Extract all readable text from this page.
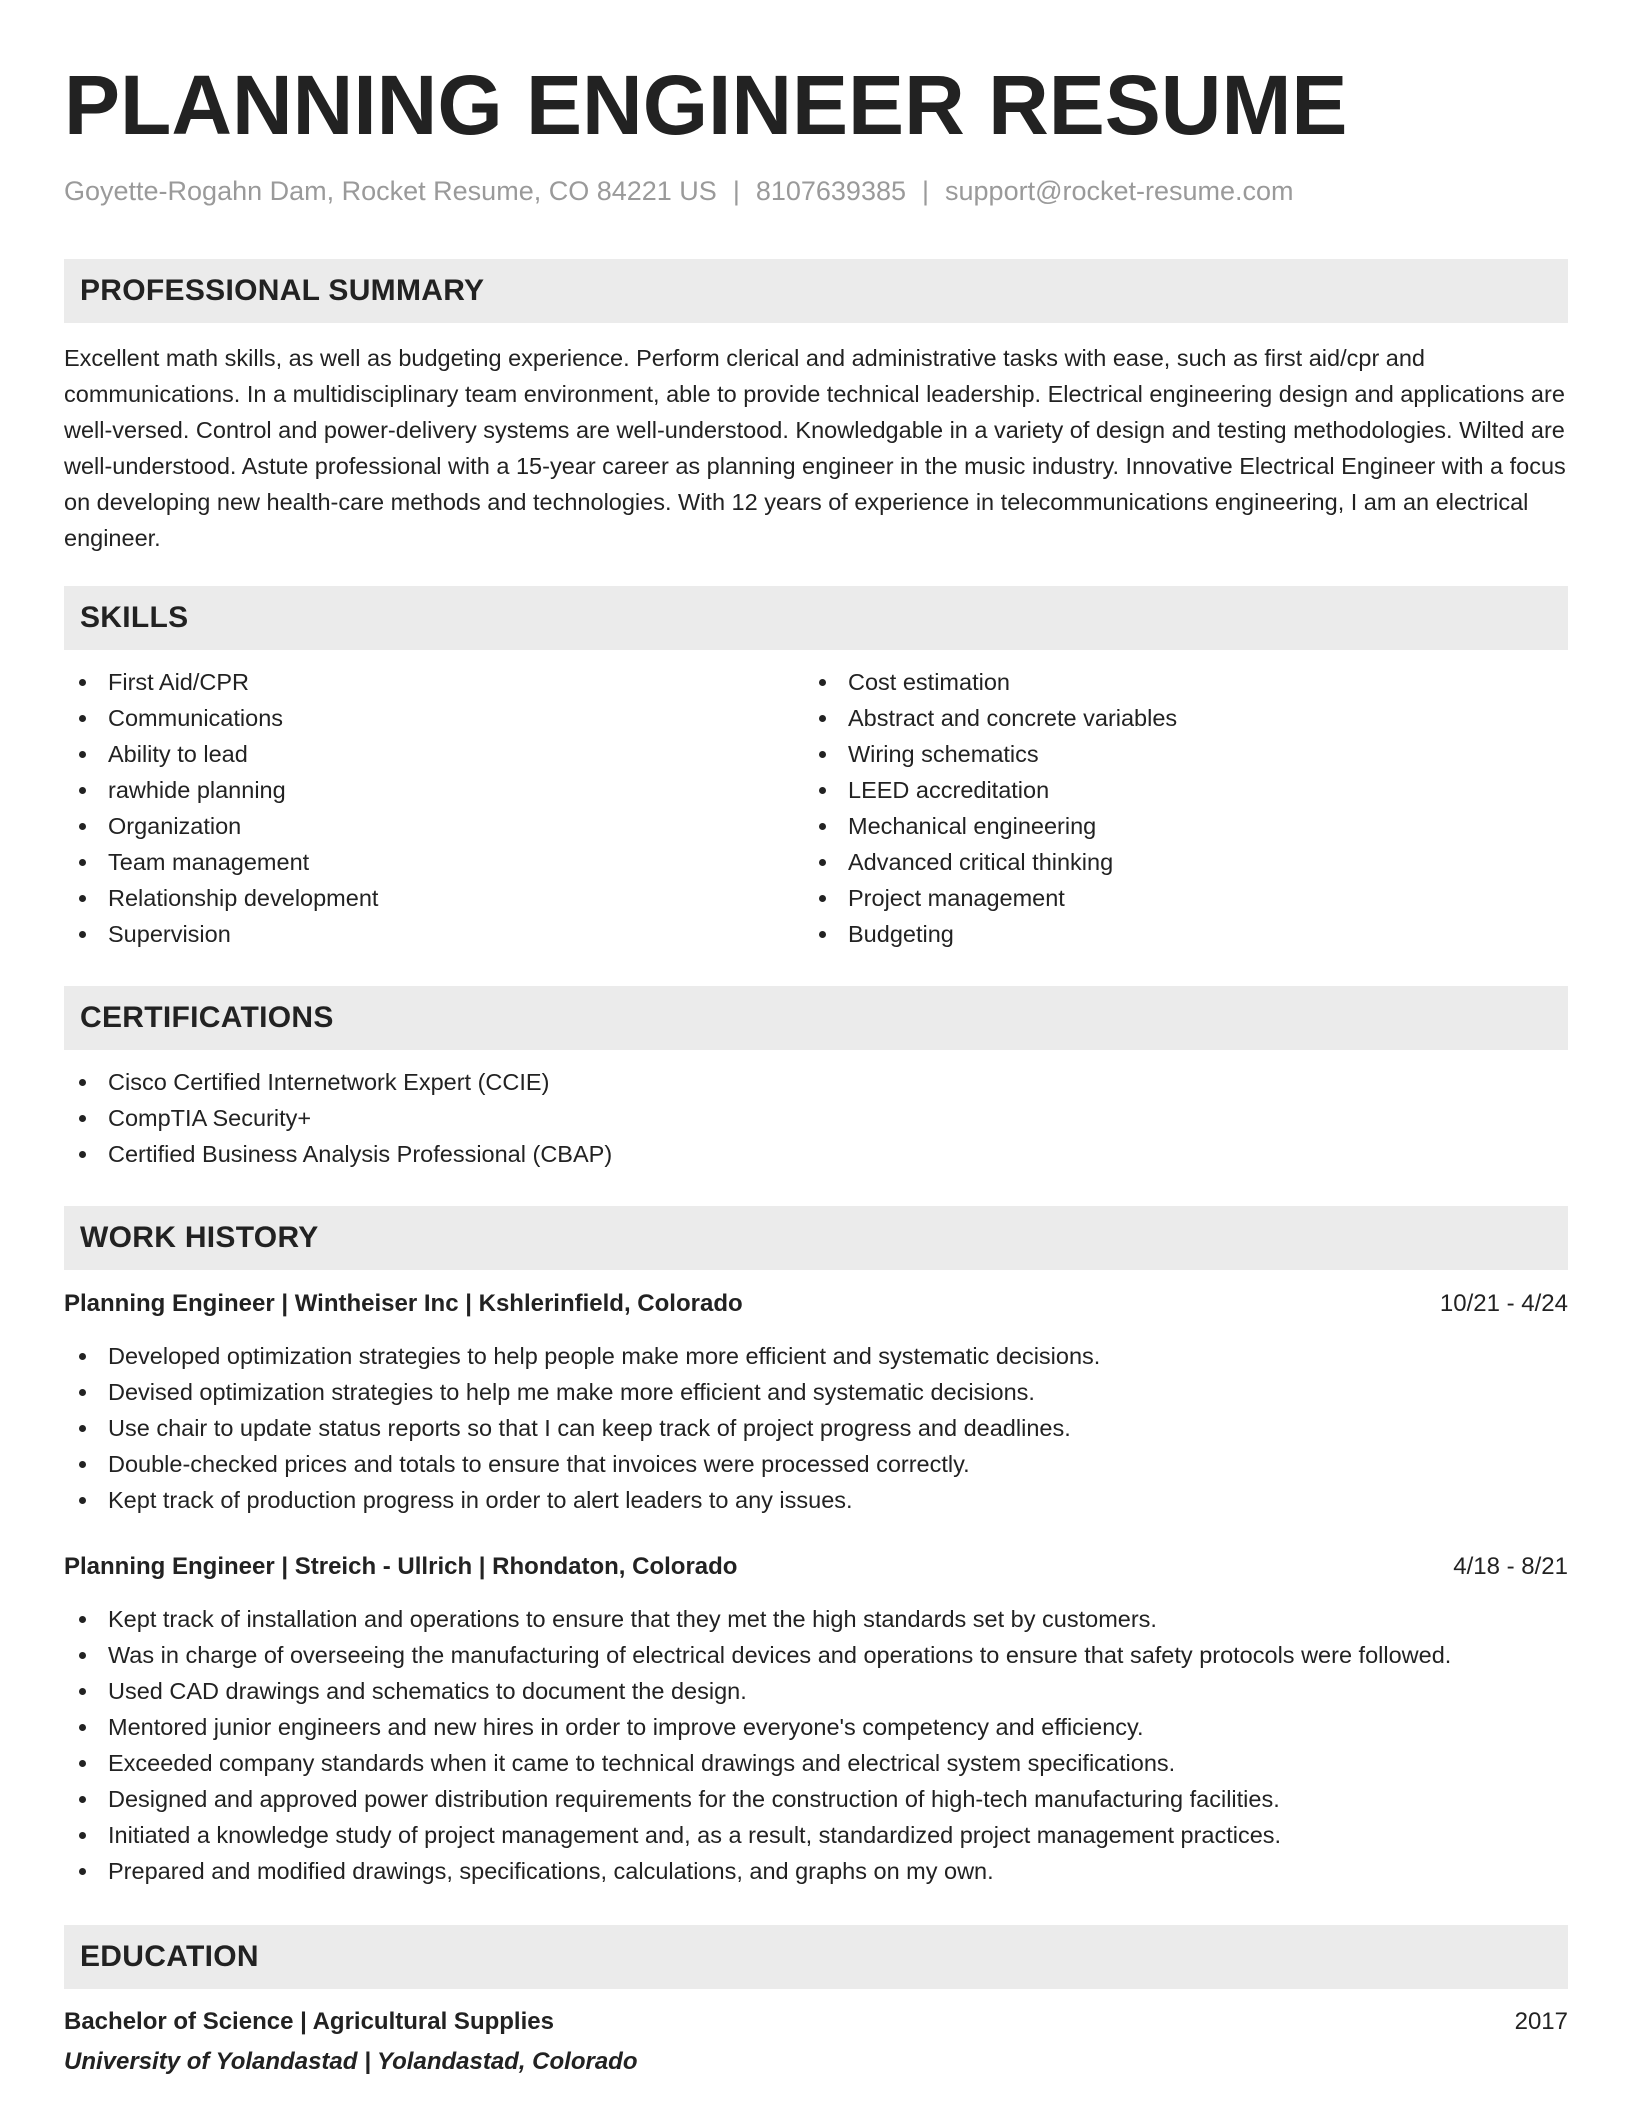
PLANNING ENGINEER RESUME
Goyette-Rogahn Dam, Rocket Resume, CO 84221 US | 8107639385 | support@rocket-resume.com
PROFESSIONAL SUMMARY
Excellent math skills, as well as budgeting experience. Perform clerical and administrative tasks with ease, such as first aid/cpr and communications. In a multidisciplinary team environment, able to provide technical leadership. Electrical engineering design and applications are well-versed. Control and power-delivery systems are well-understood. Knowledgable in a variety of design and testing methodologies. Wilted are well-understood. Astute professional with a 15-year career as planning engineer in the music industry. Innovative Electrical Engineer with a focus on developing new health-care methods and technologies. With 12 years of experience in telecommunications engineering, I am an electrical engineer.
SKILLS
First Aid/CPR
Communications
Ability to lead
rawhide planning
Organization
Team management
Relationship development
Supervision
Cost estimation
Abstract and concrete variables
Wiring schematics
LEED accreditation
Mechanical engineering
Advanced critical thinking
Project management
Budgeting
CERTIFICATIONS
Cisco Certified Internetwork Expert (CCIE)
CompTIA Security+
Certified Business Analysis Professional (CBAP)
WORK HISTORY
Planning Engineer | Wintheiser Inc | Kshlerinfield, Colorado	10/21 - 4/24
Developed optimization strategies to help people make more efficient and systematic decisions.
Devised optimization strategies to help me make more efficient and systematic decisions.
Use chair to update status reports so that I can keep track of project progress and deadlines.
Double-checked prices and totals to ensure that invoices were processed correctly.
Kept track of production progress in order to alert leaders to any issues.
Planning Engineer | Streich - Ullrich | Rhondaton, Colorado	4/18 - 8/21
Kept track of installation and operations to ensure that they met the high standards set by customers.
Was in charge of overseeing the manufacturing of electrical devices and operations to ensure that safety protocols were followed.
Used CAD drawings and schematics to document the design.
Mentored junior engineers and new hires in order to improve everyone's competency and efficiency.
Exceeded company standards when it came to technical drawings and electrical system specifications.
Designed and approved power distribution requirements for the construction of high-tech manufacturing facilities.
Initiated a knowledge study of project management and, as a result, standardized project management practices.
Prepared and modified drawings, specifications, calculations, and graphs on my own.
EDUCATION
Bachelor of Science | Agricultural Supplies	2017
University of Yolandastad | Yolandastad, Colorado
